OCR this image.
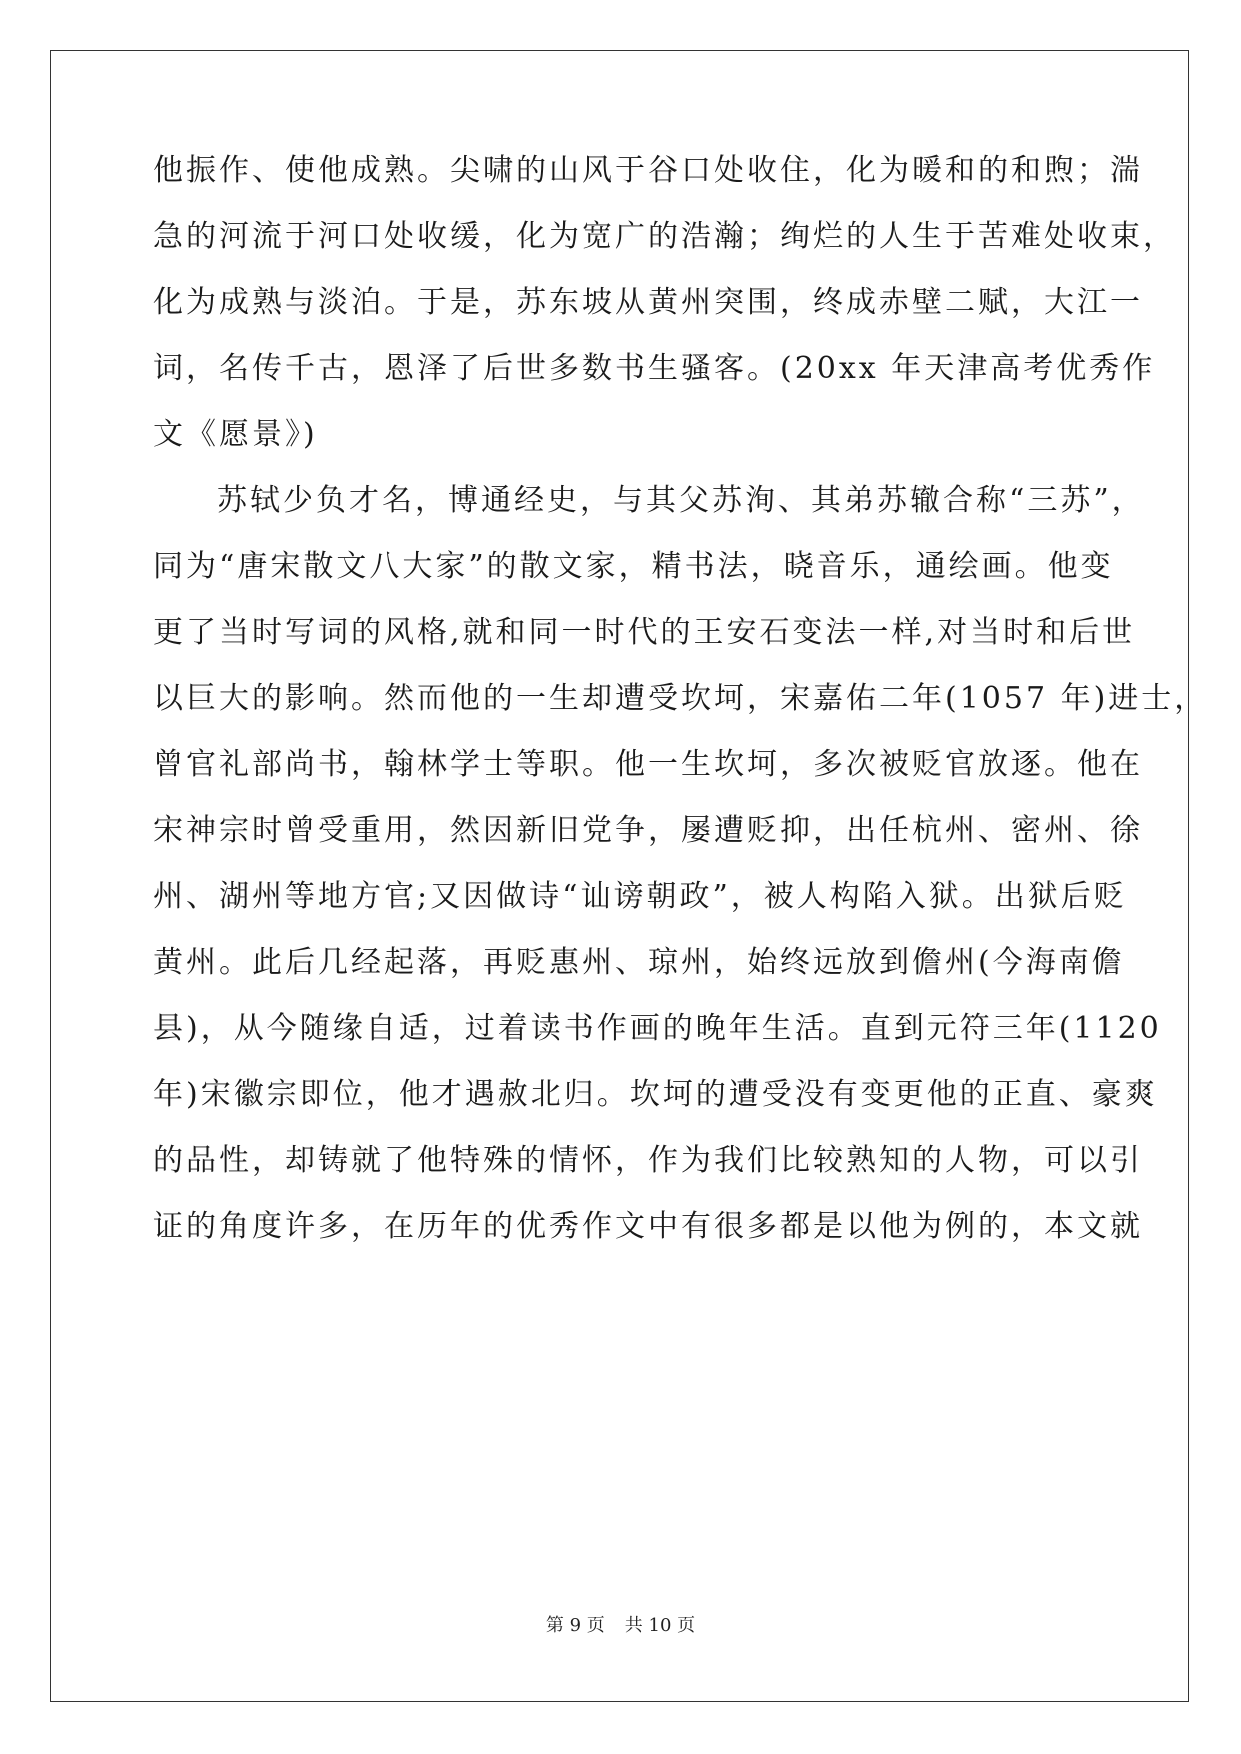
他振作、使他成熟。尖啸的山风于谷口处收住，化为暖和的和煦；湍
急的河流于河口处收缓，化为宽广的浩瀚；绚烂的人生于苦难处收束，
化为成熟与淡泊。于是，苏东坡从黄州突围，终成赤壁二赋，大江一
词，名传千古，恩泽了后世多数书生骚客。(20xx 年天津高考优秀作
文《愿景》)
苏轼少负才名，博通经史，与其父苏洵、其弟苏辙合称“三苏”，
同为“唐宋散文八大家”的散文家，精书法，晓音乐，通绘画。他变
更了当时写词的风格,就和同一时代的王安石变法一样,对当时和后世
以巨大的影响。然而他的一生却遭受坎坷，宋嘉佑二年(1057 年)进士，
曾官礼部尚书，翰林学士等职。他一生坎坷，多次被贬官放逐。他在
宋神宗时曾受重用，然因新旧党争，屡遭贬抑，出任杭州、密州、徐
州、湖州等地方官;又因做诗“讪谤朝政”，被人构陷入狱。出狱后贬
黄州。此后几经起落，再贬惠州、琼州，始终远放到儋州(今海南儋
县)，从今随缘自适，过着读书作画的晚年生活。直到元符三年(1120
年)宋徽宗即位，他才遇赦北归。坎坷的遭受没有变更他的正直、豪爽
的品性，却铸就了他特殊的情怀，作为我们比较熟知的人物，可以引
证的角度许多，在历年的优秀作文中有很多都是以他为例的，本文就
第 9 页 共 10 页
